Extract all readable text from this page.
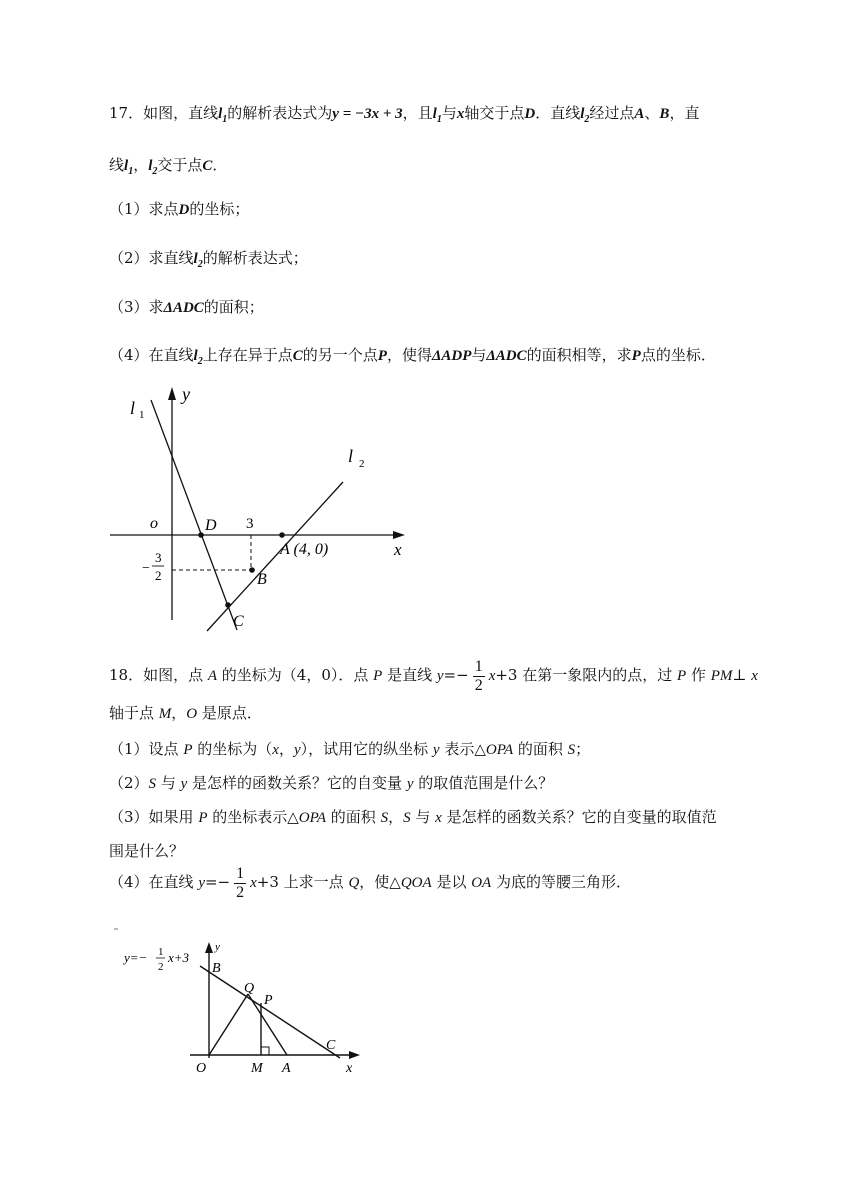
17．如图，直线$l_1$的解析表达式为y = −3x + 3，且$l_1$与x轴交于点D．直线$l_2$经过点A、B，直
线$l_1$，$l_2$交于点C．
（1）求点D的坐标；
（2）求直线$l_2$的解析表达式；
（3）求ΔADC的面积；
（4）在直线$l_2$上存在异于点C的另一个点P，使得ΔADP与ΔADC的面积相等，求P点的坐标．
l 1
y
l 2
o	D 3
A (4, 0)	x
−
3
2	B
C
18．如图，点 A 的坐标为（4，0）．点 P 是直线 $y=- \frac{1}{2} x+3$ 在第一象限内的点，过 P 作 PM⊥ x
轴于点 M，O 是原点．
（1）设点 P 的坐标为（x，y），试用它的纵坐标 y 表示△OPA 的面积 S；
（2）S 与 y 是怎样的函数关系？它的自变量 y 的取值范围是什么？
（3）如果用 P 的坐标表示△OPA 的面积 S，S 与 x 是怎样的函数关系？它的自变量的取值范
围是什么？
（4）在直线 $y=- \frac{1}{2} x+3$ 上求一点 Q，使△QOA 是以 OA 为底的等腰三角形．
y=− 1
2
x+3
y
B
Q
P
C
O	M A	x
